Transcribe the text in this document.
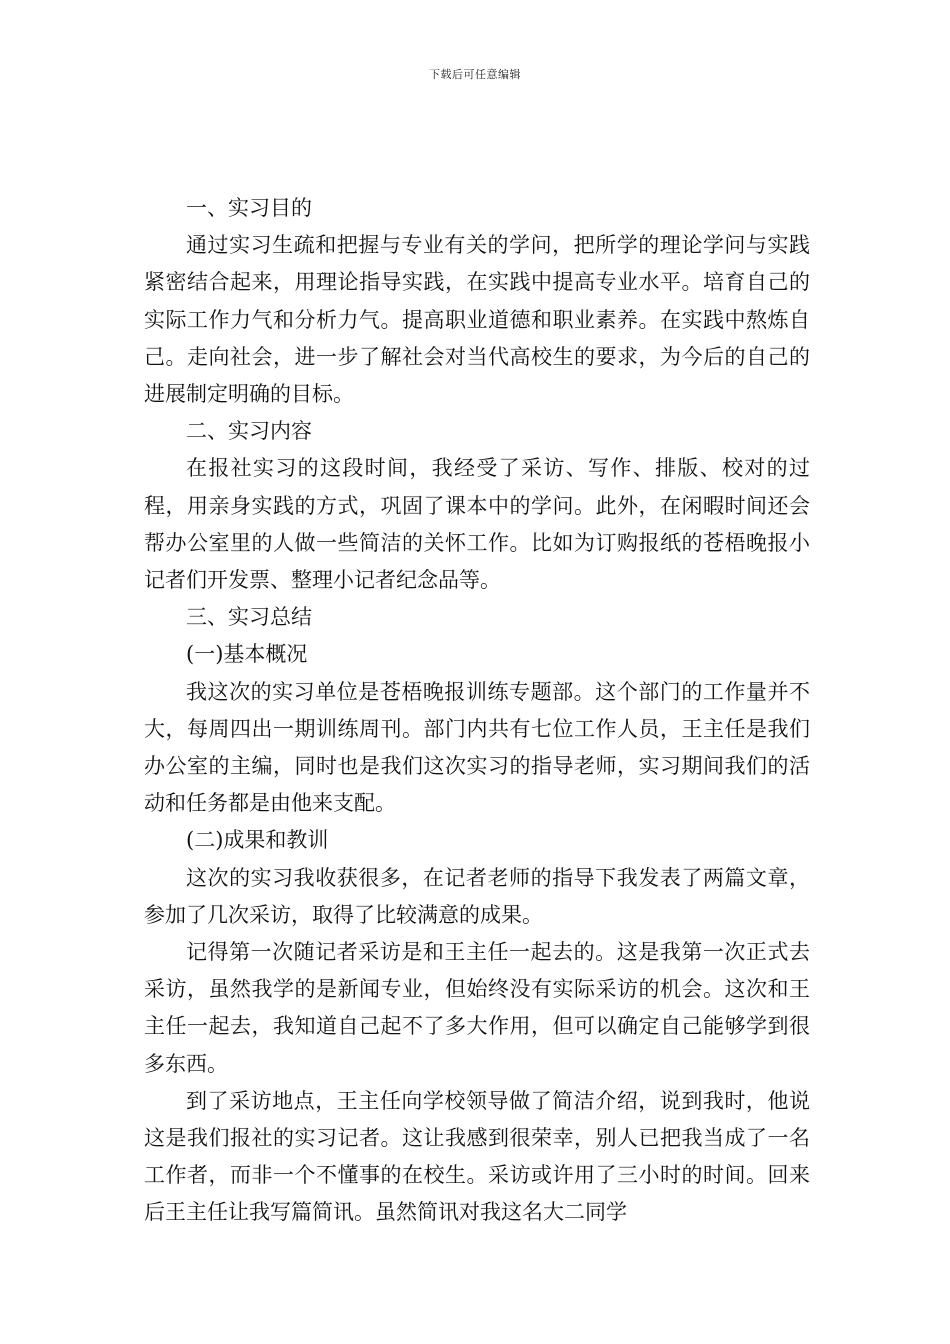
下载后可任意编辑

一、实习目的

通过实习生疏和把握与专业有关的学问，把所学的理论学问与实践紧密结合起来，用理论指导实践，在实践中提高专业水平。培育自己的实际工作力气和分析力气。提高职业道德和职业素养。在实践中熬炼自己。走向社会，进一步了解社会对当代高校生的要求，为今后的自己的进展制定明确的目标。

二、实习内容

在报社实习的这段时间，我经受了采访、写作、排版、校对的过程，用亲身实践的方式，巩固了课本中的学问。此外，在闲暇时间还会帮办公室里的人做一些简洁的关怀工作。比如为订购报纸的苍梧晚报小记者们开发票、整理小记者纪念品等。

三、实习总结

(一)基本概况

我这次的实习单位是苍梧晚报训练专题部。这个部门的工作量并不大，每周四出一期训练周刊。部门内共有七位工作人员，王主任是我们办公室的主编，同时也是我们这次实习的指导老师，实习期间我们的活动和任务都是由他来支配。

(二)成果和教训

这次的实习我收获很多，在记者老师的指导下我发表了两篇文章，参加了几次采访，取得了比较满意的成果。

记得第一次随记者采访是和王主任一起去的。这是我第一次正式去采访，虽然我学的是新闻专业，但始终没有实际采访的机会。这次和王主任一起去，我知道自己起不了多大作用，但可以确定自己能够学到很多东西。

到了采访地点，王主任向学校领导做了简洁介绍，说到我时，他说这是我们报社的实习记者。这让我感到很荣幸，别人已把我当成了一名工作者，而非一个不懂事的在校生。采访或许用了三小时的时间。回来后王主任让我写篇简讯。虽然简讯对我这名大二同学
